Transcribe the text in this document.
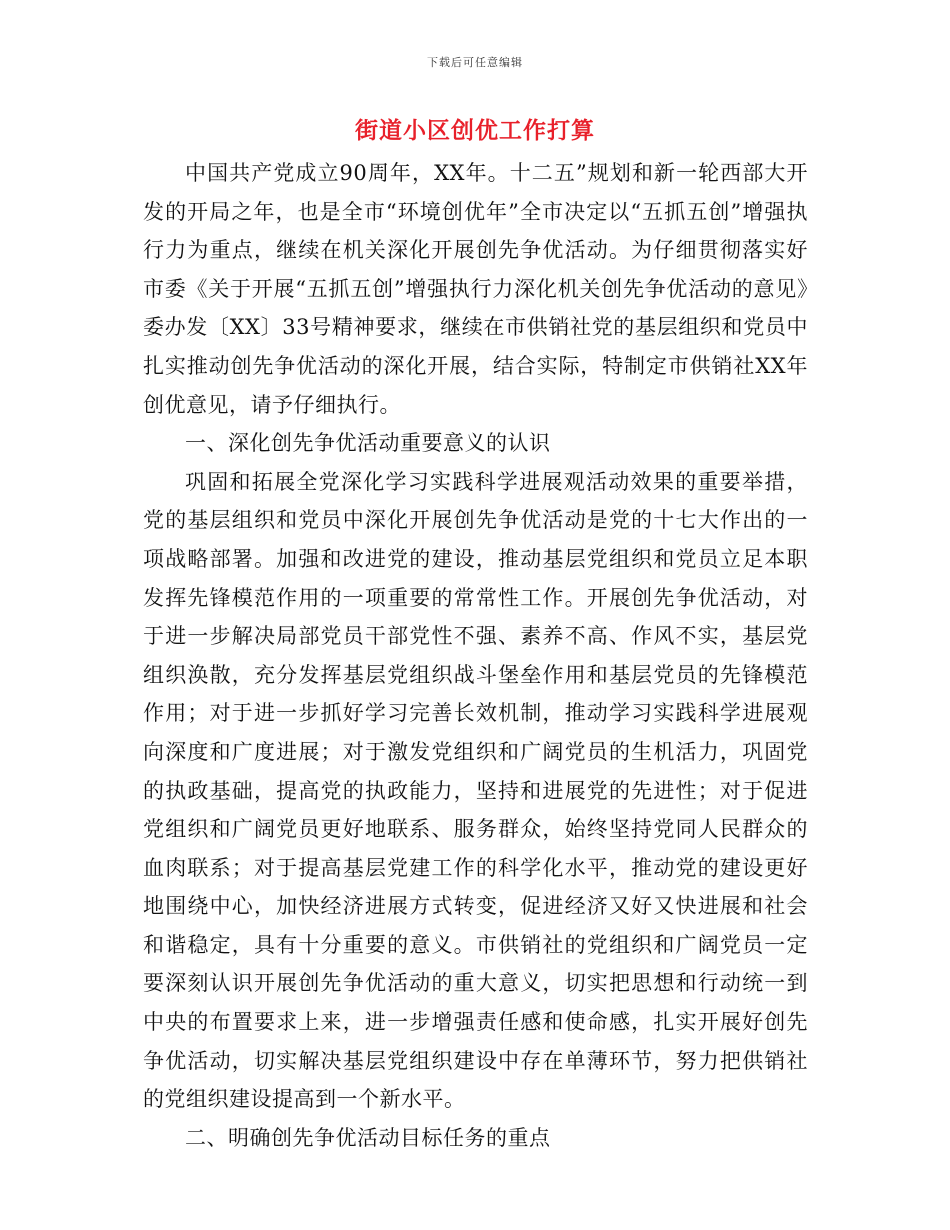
下载后可任意编辑
街道小区创优工作打算

中国共产党成立90周年，XX年。十二五”规划和新一轮西部大开发的开局之年，也是全市“环境创优年”全市决定以“五抓五创”增强执行力为重点，继续在机关深化开展创先争优活动。为仔细贯彻落实好市委《关于开展“五抓五创”增强执行力深化机关创先争优活动的意见》委办发〔XX〕33号精神要求，继续在市供销社党的基层组织和党员中扎实推动创先争优活动的深化开展，结合实际，特制定市供销社XX年创优意见，请予仔细执行。

一、深化创先争优活动重要意义的认识

巩固和拓展全党深化学习实践科学进展观活动效果的重要举措，党的基层组织和党员中深化开展创先争优活动是党的十七大作出的一项战略部署。加强和改进党的建设，推动基层党组织和党员立足本职发挥先锋模范作用的一项重要的常常性工作。开展创先争优活动，对于进一步解决局部党员干部党性不强、素养不高、作风不实，基层党组织涣散，充分发挥基层党组织战斗堡垒作用和基层党员的先锋模范作用；对于进一步抓好学习完善长效机制，推动学习实践科学进展观向深度和广度进展；对于激发党组织和广阔党员的生机活力，巩固党的执政基础，提高党的执政能力，坚持和进展党的先进性；对于促进党组织和广阔党员更好地联系、服务群众，始终坚持党同人民群众的血肉联系；对于提高基层党建工作的科学化水平，推动党的建设更好地围绕中心，加快经济进展方式转变，促进经济又好又快进展和社会和谐稳定，具有十分重要的意义。市供销社的党组织和广阔党员一定要深刻认识开展创先争优活动的重大意义，切实把思想和行动统一到中央的布置要求上来，进一步增强责任感和使命感，扎实开展好创先争优活动，切实解决基层党组织建设中存在单薄环节，努力把供销社的党组织建设提高到一个新水平。

二、明确创先争优活动目标任务的重点
